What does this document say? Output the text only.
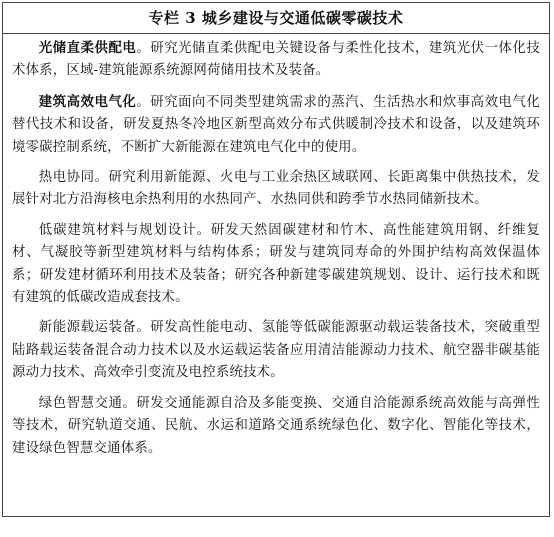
专栏 3 城乡建设与交通低碳零碳技术

光储直柔供配电。研究光储直柔供配电关键设备与柔性化技术，建筑光伏一体化技术体系，区域-建筑能源系统源网荷储用技术及装备。

建筑高效电气化。研究面向不同类型建筑需求的蒸汽、生活热水和炊事高效电气化替代技术和设备，研发夏热冬冷地区新型高效分布式供暖制冷技术和设备，以及建筑环境零碳控制系统，不断扩大新能源在建筑电气化中的使用。

热电协同。研究利用新能源、火电与工业余热区域联网、长距离集中供热技术，发展针对北方沿海核电余热利用的水热同产、水热同供和跨季节水热同储新技术。

低碳建筑材料与规划设计。研发天然固碳建材和竹木、高性能建筑用钢、纤维复材、气凝胶等新型建筑材料与结构体系；研发与建筑同寿命的外围护结构高效保温体系；研发建材循环利用技术及装备；研究各种新建零碳建筑规划、设计、运行技术和既有建筑的低碳改造成套技术。

新能源载运装备。研发高性能电动、氢能等低碳能源驱动载运装备技术，突破重型陆路载运装备混合动力技术以及水运载运装备应用清洁能源动力技术、航空器非碳基能源动力技术、高效牵引变流及电控系统技术。

绿色智慧交通。研发交通能源自洽及多能变换、交通自洽能源系统高效能与高弹性等技术，研究轨道交通、民航、水运和道路交通系统绿色化、数字化、智能化等技术，建设绿色智慧交通体系。
